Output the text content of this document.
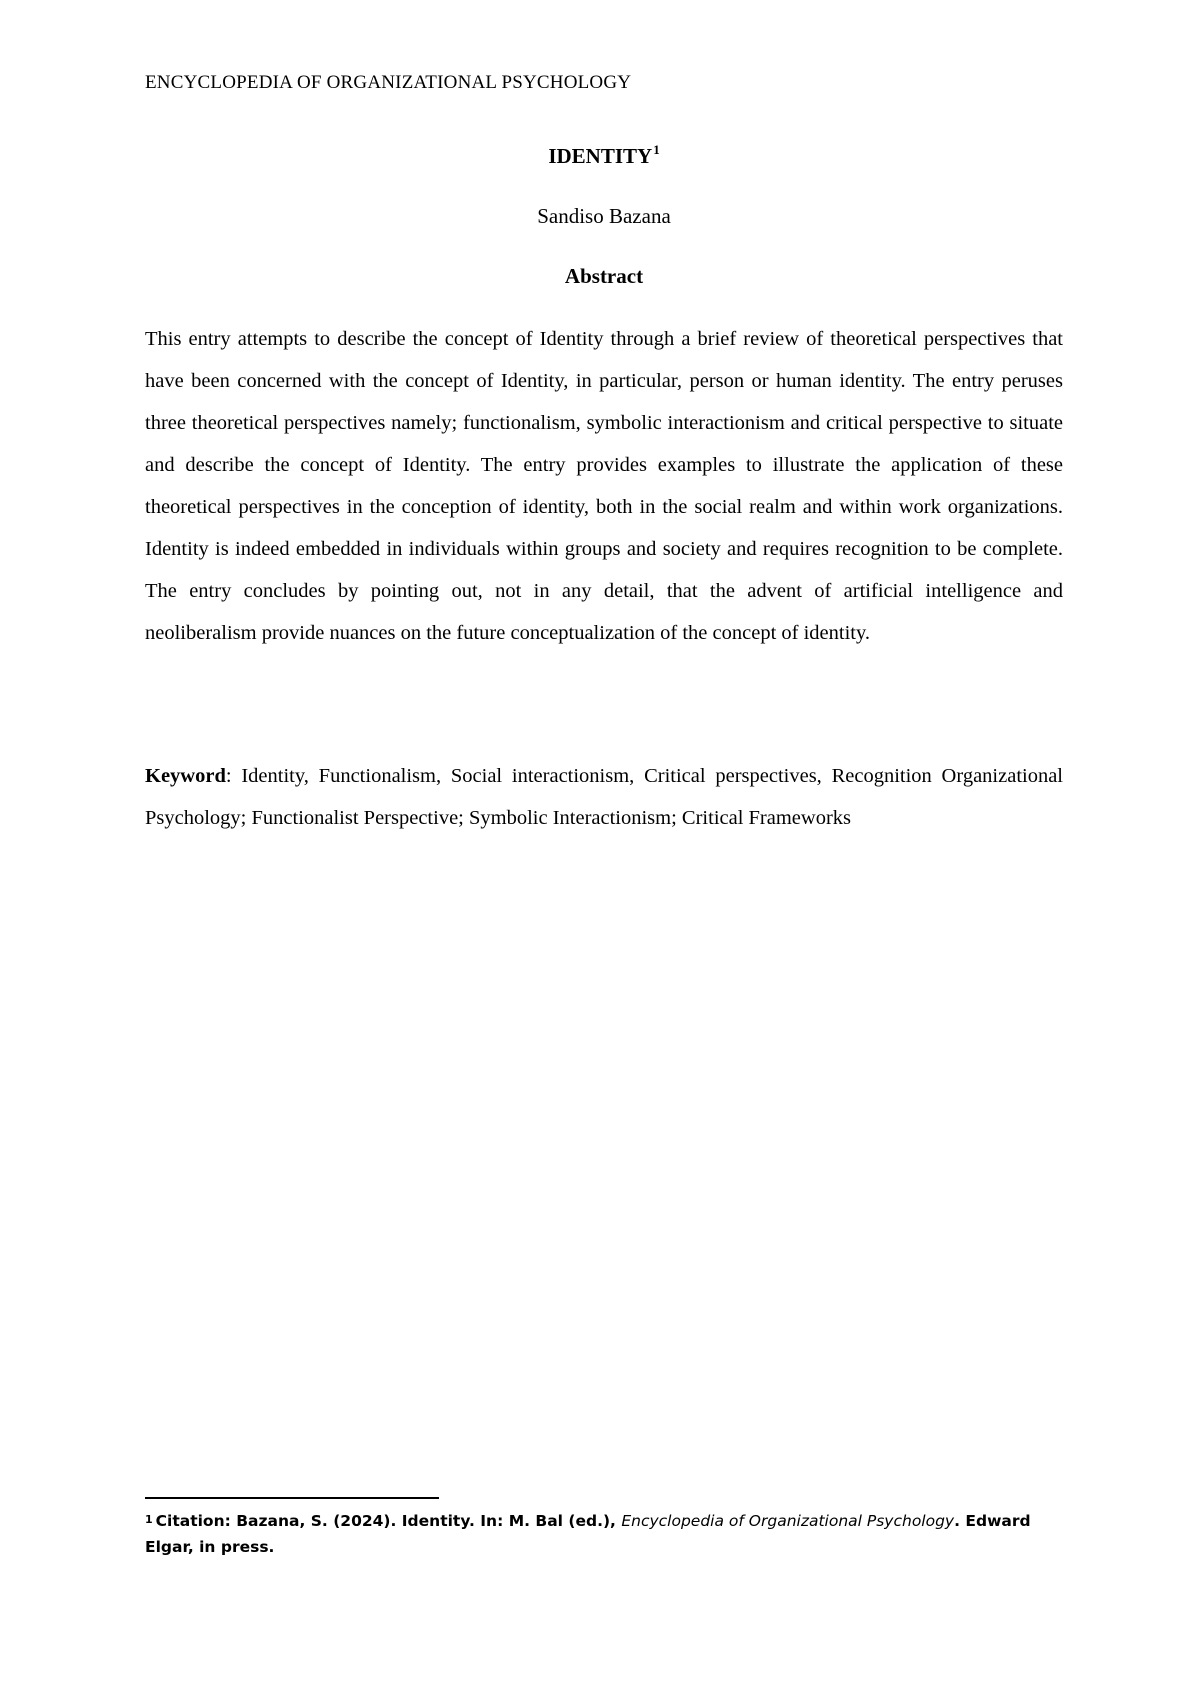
ENCYCLOPEDIA OF ORGANIZATIONAL PSYCHOLOGY
IDENTITY$^1$
Sandiso Bazana
Abstract

This entry attempts to describe the concept of Identity through a brief review of theoretical perspectives that have been concerned with the concept of Identity, in particular, person or human identity. The entry peruses three theoretical perspectives namely; functionalism, symbolic interactionism and critical perspective to situate and describe the concept of Identity. The entry provides examples to illustrate the application of these theoretical perspectives in the conception of identity, both in the social realm and within work organizations. Identity is indeed embedded in individuals within groups and society and requires recognition to be complete. The entry concludes by pointing out, not in any detail, that the advent of artificial intelligence and neoliberalism provide nuances on the future conceptualization of the concept of identity.

Keyword: Identity, Functionalism, Social interactionism, Critical perspectives, Recognition Organizational Psychology; Functionalist Perspective; Symbolic Interactionism; Critical Frameworks

$^1$ Citation: Bazana, S. (2024). Identity. In: M. Bal (ed.), Encyclopedia of Organizational Psychology. Edward Elgar, in press.
